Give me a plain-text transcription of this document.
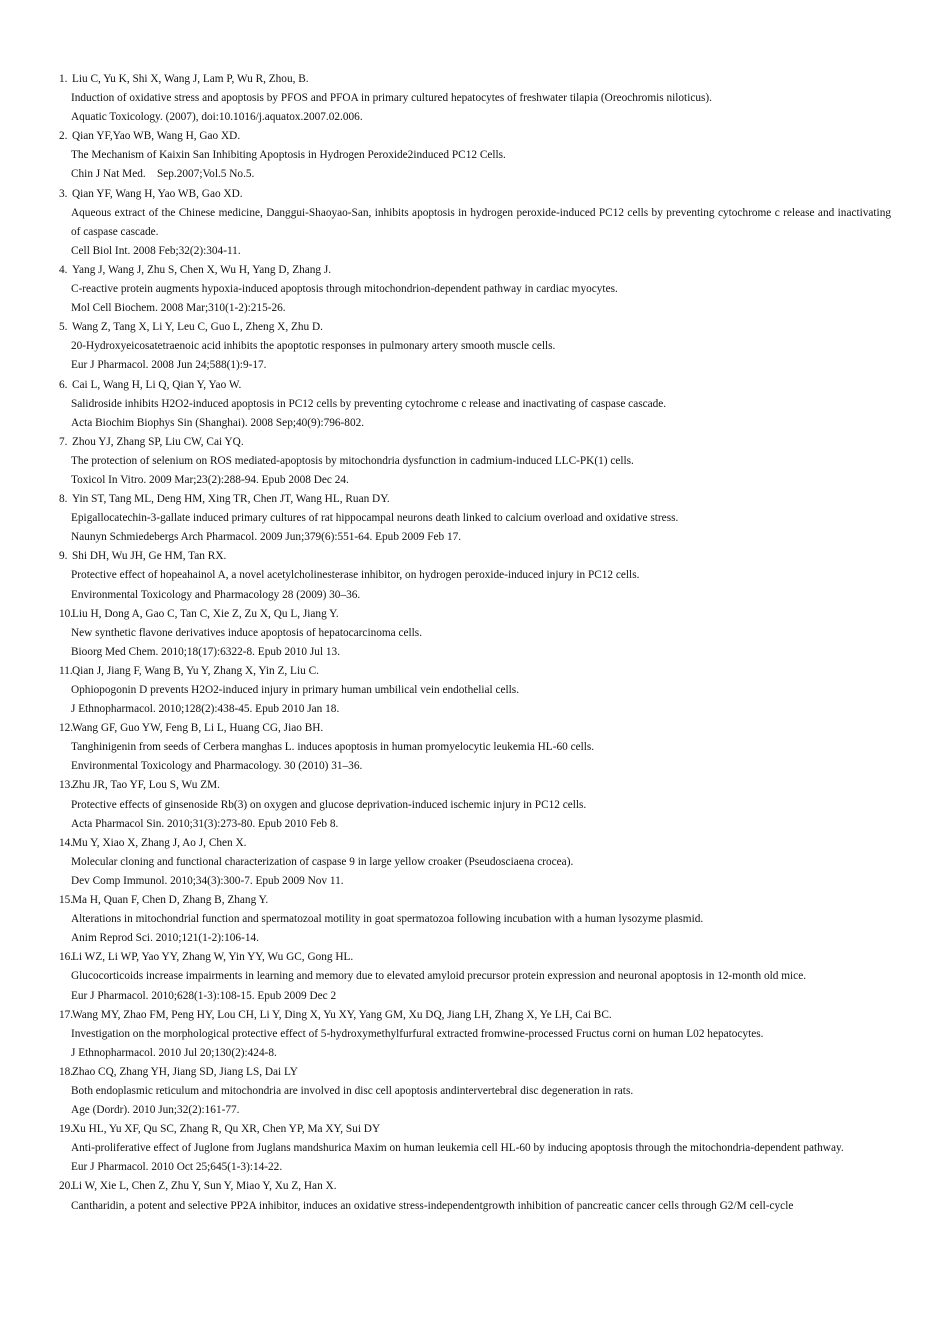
1. Liu C, Yu K, Shi X, Wang J, Lam P, Wu R, Zhou, B.
Induction of oxidative stress and apoptosis by PFOS and PFOA in primary cultured hepatocytes of freshwater tilapia (Oreochromis niloticus).
Aquatic Toxicology. (2007), doi:10.1016/j.aquatox.2007.02.006.
2. Qian YF,Yao WB, Wang H, Gao XD.
The Mechanism of Kaixin San Inhibiting Apoptosis in Hydrogen Peroxide2induced PC12 Cells.
Chin J Nat Med.    Sep.2007;Vol.5 No.5.
3. Qian YF, Wang H, Yao WB, Gao XD.
Aqueous extract of the Chinese medicine, Danggui-Shaoyao-San, inhibits apoptosis in hydrogen peroxide-induced PC12 cells by preventing cytochrome c release and inactivating of caspase cascade.
Cell Biol Int. 2008 Feb;32(2):304-11.
4. Yang J, Wang J, Zhu S, Chen X, Wu H, Yang D, Zhang J.
C-reactive protein augments hypoxia-induced apoptosis through mitochondrion-dependent pathway in cardiac myocytes.
Mol Cell Biochem. 2008 Mar;310(1-2):215-26.
5. Wang Z, Tang X, Li Y, Leu C, Guo L, Zheng X, Zhu D.
20-Hydroxyeicosatetraenoic acid inhibits the apoptotic responses in pulmonary artery smooth muscle cells.
Eur J Pharmacol. 2008 Jun 24;588(1):9-17.
6. Cai L, Wang H, Li Q, Qian Y, Yao W.
Salidroside inhibits H2O2-induced apoptosis in PC12 cells by preventing cytochrome c release and inactivating of caspase cascade.
Acta Biochim Biophys Sin (Shanghai). 2008 Sep;40(9):796-802.
7. Zhou YJ, Zhang SP, Liu CW, Cai YQ.
The protection of selenium on ROS mediated-apoptosis by mitochondria dysfunction in cadmium-induced LLC-PK(1) cells.
Toxicol In Vitro. 2009 Mar;23(2):288-94. Epub 2008 Dec 24.
8. Yin ST, Tang ML, Deng HM, Xing TR, Chen JT, Wang HL, Ruan DY.
Epigallocatechin-3-gallate induced primary cultures of rat hippocampal neurons death linked to calcium overload and oxidative stress.
Naunyn Schmiedebergs Arch Pharmacol. 2009 Jun;379(6):551-64. Epub 2009 Feb 17.
9. Shi DH, Wu JH, Ge HM, Tan RX.
Protective effect of hopeahainol A, a novel acetylcholinesterase inhibitor, on hydrogen peroxide-induced injury in PC12 cells.
Environmental Toxicology and Pharmacology 28 (2009) 30–36.
10.
Liu H, Dong A, Gao C, Tan C, Xie Z, Zu X, Qu L, Jiang Y.
New synthetic flavone derivatives induce apoptosis of hepatocarcinoma cells.
Bioorg Med Chem. 2010;18(17):6322-8. Epub 2010 Jul 13.
11. Qian J, Jiang F, Wang B, Yu Y, Zhang X, Yin Z, Liu C.
Ophiopogonin D prevents H2O2-induced injury in primary human umbilical vein endothelial cells.
J Ethnopharmacol. 2010;128(2):438-45. Epub 2010 Jan 18.
12.
Wang GF, Guo YW, Feng B, Li L, Huang CG, Jiao BH.
Tanghinigenin from seeds of Cerbera manghas L. induces apoptosis in human promyelocytic leukemia HL-60 cells.
Environmental Toxicology and Pharmacology. 30 (2010) 31–36.
13.
Zhu JR, Tao YF, Lou S, Wu ZM.
Protective effects of ginsenoside Rb(3) on oxygen and glucose deprivation-induced ischemic injury in PC12 cells.
Acta Pharmacol Sin. 2010;31(3):273-80. Epub 2010 Feb 8.
14.
Mu Y, Xiao X, Zhang J, Ao J, Chen X.
Molecular cloning and functional characterization of caspase 9 in large yellow croaker (Pseudosciaena crocea).
Dev Comp Immunol. 2010;34(3):300-7. Epub 2009 Nov 11.
15.
Ma H, Quan F, Chen D, Zhang B, Zhang Y.
Alterations in mitochondrial function and spermatozoal motility in goat spermatozoa following incubation with a human lysozyme plasmid.
Anim Reprod Sci. 2010;121(1-2):106-14.
16.
Li WZ, Li WP, Yao YY, Zhang W, Yin YY, Wu GC, Gong HL.
Glucocorticoids increase impairments in learning and memory due to elevated amyloid precursor protein expression and neuronal apoptosis in 12-month old mice.
Eur J Pharmacol. 2010;628(1-3):108-15. Epub 2009 Dec 2
17.
Wang MY, Zhao FM, Peng HY, Lou CH, Li Y, Ding X, Yu XY, Yang GM, Xu DQ, Jiang LH, Zhang X, Ye LH, Cai BC.
Investigation on the morphological protective effect of 5-hydroxymethylfurfural extracted fromwine-processed Fructus corni on human L02 hepatocytes.
J Ethnopharmacol. 2010 Jul 20;130(2):424-8.
18.
Zhao CQ, Zhang YH, Jiang SD, Jiang LS, Dai LY
Both endoplasmic reticulum and mitochondria are involved in disc cell apoptosis andintervertebral disc degeneration in rats.
Age (Dordr). 2010 Jun;32(2):161-77.
19.
Xu HL, Yu XF, Qu SC, Zhang R, Qu XR, Chen YP, Ma XY, Sui DY
Anti-proliferative effect of Juglone from Juglans mandshurica Maxim on human leukemia cell HL-60 by inducing apoptosis through the mitochondria-dependent pathway.
Eur J Pharmacol. 2010 Oct 25;645(1-3):14-22.
20.
Li W, Xie L, Chen Z, Zhu Y, Sun Y, Miao Y, Xu Z, Han X.
Cantharidin, a potent and selective PP2A inhibitor, induces an oxidative stress-independentgrowth inhibition of pancreatic cancer cells through G2/M cell-cycle
